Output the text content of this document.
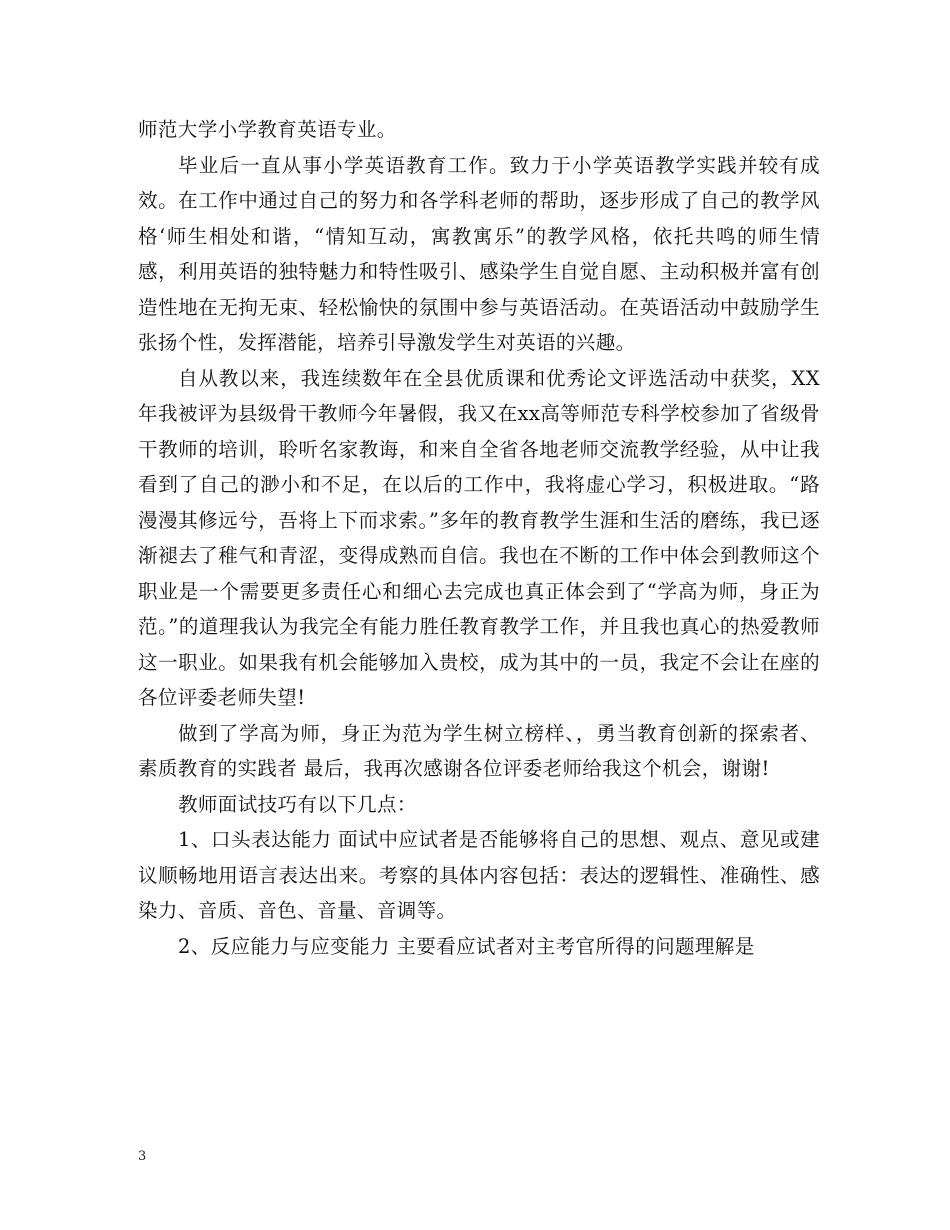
师范大学小学教育英语专业。

毕业后一直从事小学英语教育工作。致力于小学英语教学实践并较有成效。在工作中通过自己的努力和各学科老师的帮助，逐步形成了自己的教学风格‘师生相处和谐，“情知互动，寓教寓乐”的教学风格，依托共鸣的师生情感，利用英语的独特魅力和特性吸引、感染学生自觉自愿、主动积极并富有创造性地在无拘无束、轻松愉快的氛围中参与英语活动。在英语活动中鼓励学生张扬个性，发挥潜能，培养引导激发学生对英语的兴趣。

自从教以来，我连续数年在全县优质课和优秀论文评选活动中获奖，XX年我被评为县级骨干教师今年暑假，我又在xx高等师范专科学校参加了省级骨干教师的培训，聆听名家教诲，和来自全省各地老师交流教学经验，从中让我看到了自己的渺小和不足，在以后的工作中，我将虚心学习，积极进取。“路漫漫其修远兮，吾将上下而求索。”多年的教育教学生涯和生活的磨练，我已逐渐褪去了稚气和青涩，变得成熟而自信。我也在不断的工作中体会到教师这个职业是一个需要更多责任心和细心去完成也真正体会到了“学高为师，身正为范。”的道理我认为我完全有能力胜任教育教学工作，并且我也真心的热爱教师这一职业。如果我有机会能够加入贵校，成为其中的一员，我定不会让在座的各位评委老师失望!

做到了学高为师，身正为范为学生树立榜样、，勇当教育创新的探索者、素质教育的实践者 最后，我再次感谢各位评委老师给我这个机会，谢谢!

教师面试技巧有以下几点：

1、口头表达能力 面试中应试者是否能够将自己的思想、观点、意见或建议顺畅地用语言表达出来。考察的具体内容包括：表达的逻辑性、准确性、感染力、音质、音色、音量、音调等。

2、反应能力与应变能力 主要看应试者对主考官所得的问题理解是

3
